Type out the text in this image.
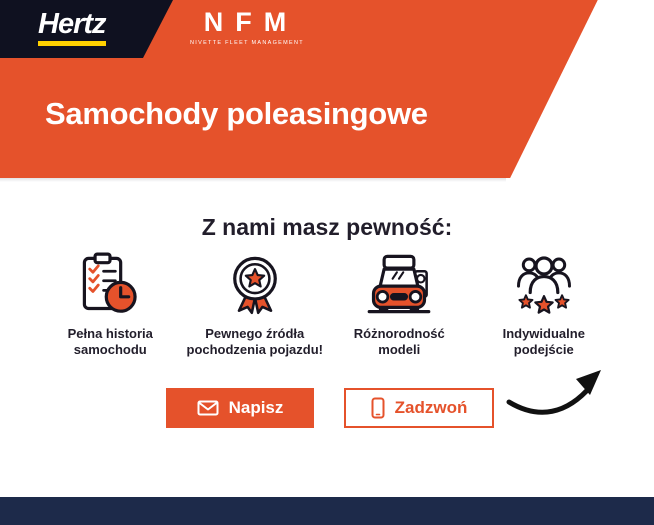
Hertz	NFM
NIVETTE FLEET MANAGEMENT
Samochody poleasingowe
Z nami masz pewność:
Pełna historia samochodu
Pewnego źródła pochodzenia pojazdu!
Różnorodność modeli
Indywidualne podejście
Napisz	Zadzwoń
